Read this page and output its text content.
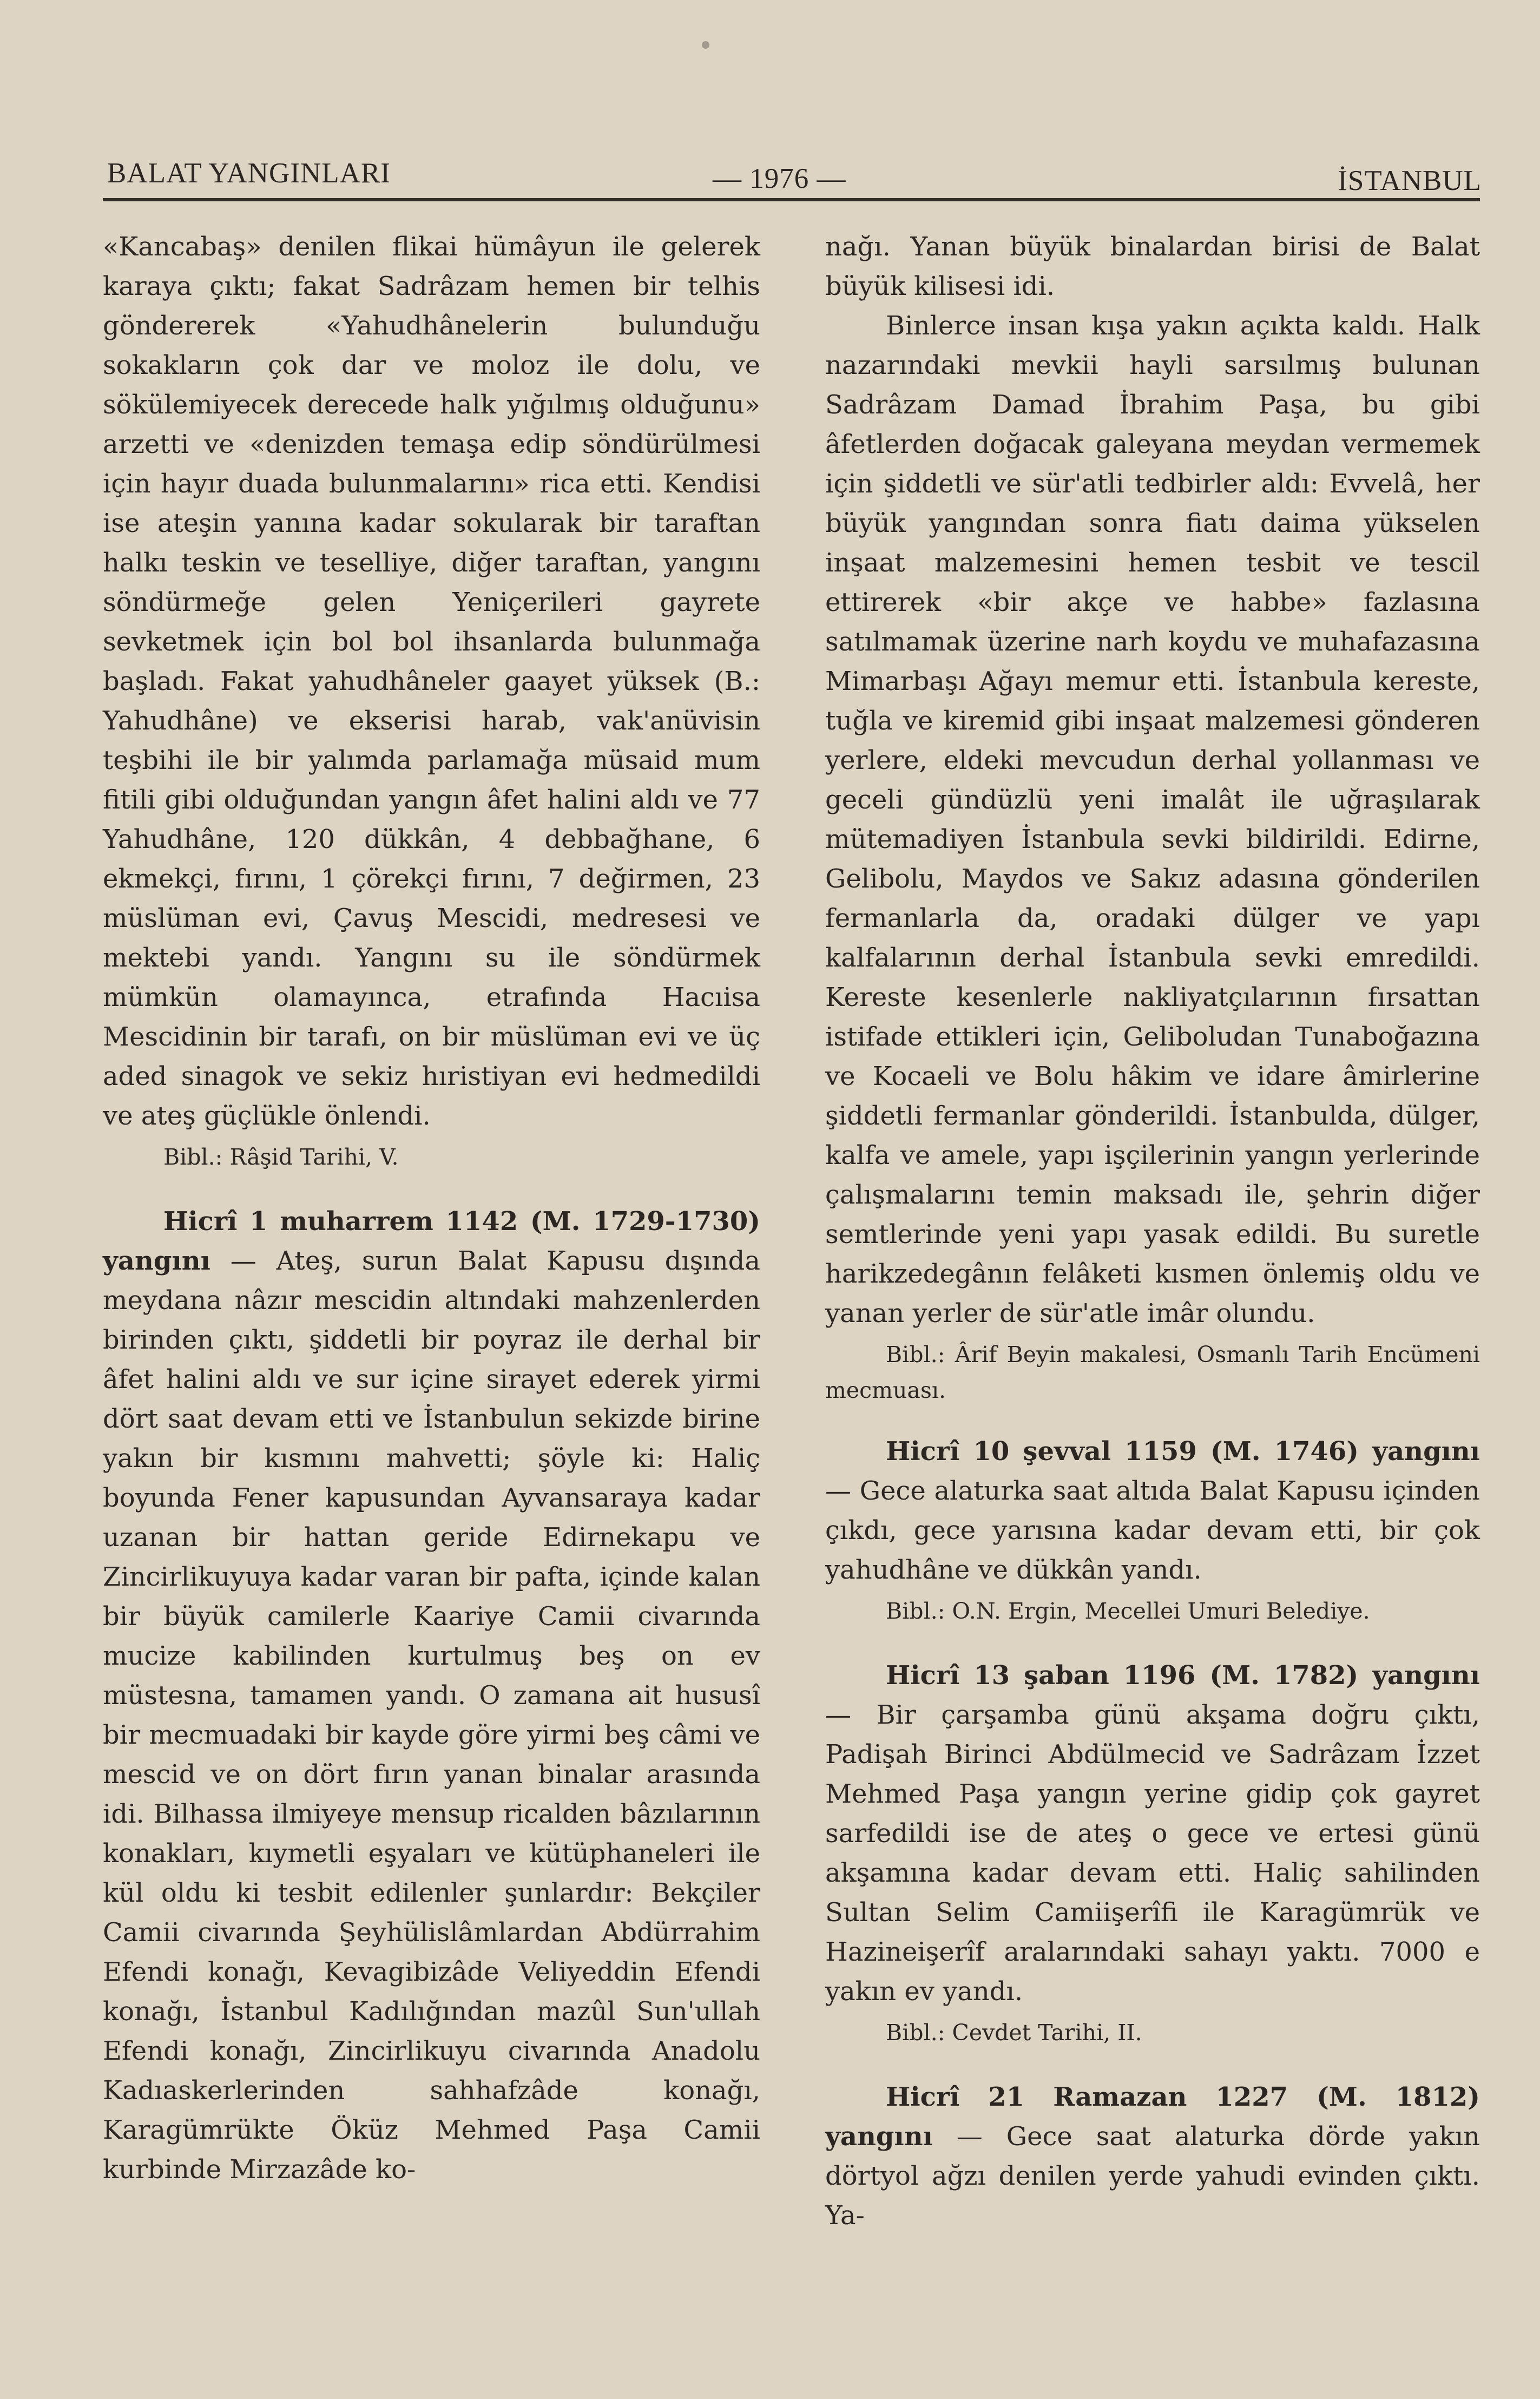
BALAT YANGINLARI	— 1976 —	İSTANBUL

«Kancabaş» denilen flikai hümâyun ile gelerek karaya çıktı; fakat Sadrâzam hemen bir telhis göndererek «Yahudhânelerin bulunduğu sokakların çok dar ve moloz ile dolu, ve sökülemiyecek derecede halk yığılmış olduğunu» arzetti ve «denizden temaşa edip söndürülmesi için hayır duada bulunmalarını» rica etti. Kendisi ise ateşin yanına kadar sokularak bir taraftan halkı teskin ve teselliye, diğer taraftan, yangını söndürmeğe gelen Yeniçerileri gayrete sevketmek için bol bol ihsanlarda bulunmağa başladı. Fakat yahudhâneler gaayet yüksek (B.: Yahudhâne) ve ekserisi harab, vak'anüvisin teşbihi ile bir yalımda parlamağa müsaid mum fitili gibi olduğundan yangın âfet halini aldı ve 77 Yahudhâne, 120 dükkân, 4 debbağhane, 6 ekmekçi, fırını, 1 çörekçi fırını, 7 değirmen, 23 müslüman evi, Çavuş Mescidi, medresesi ve mektebi yandı. Yangını su ile söndürmek mümkün olamayınca, etrafında Hacıisa Mescidinin bir tarafı, on bir müslüman evi ve üç aded sinagok ve sekiz hıristiyan evi hedmedildi ve ateş güçlükle önlendi.

Bibl.: Râşid Tarihi, V.

Hicrî 1 muharrem 1142 (M. 1729-1730) yangını — Ateş, surun Balat Kapusu dışında meydana nâzır mescidin altındaki mahzenlerden birinden çıktı, şiddetli bir poyraz ile derhal bir âfet halini aldı ve sur içine sirayet ederek yirmi dört saat devam etti ve İstanbulun sekizde birine yakın bir kısmını mahvetti; şöyle ki: Haliç boyunda Fener kapusundan Ayvansaraya kadar uzanan bir hattan geride Edirnekapu ve Zincirlikuyuya kadar varan bir pafta, içinde kalan bir büyük camilerle Kaariye Camii civarında mucize kabilinden kurtulmuş beş on ev müstesna, tamamen yandı. O zamana ait hususî bir mecmuadaki bir kayde göre yirmi beş câmi ve mescid ve on dört fırın yanan binalar arasında idi. Bilhassa ilmiyeye mensup ricalden bâzılarının konakları, kıymetli eşyaları ve kütüphaneleri ile kül oldu ki tesbit edilenler şunlardır: Bekçiler Camii civarında Şeyhülislâmlardan Abdürrahim Efendi konağı, Kevagibizâde Veliyeddin Efendi konağı, İstanbul Kadılığından mazûl Sun'ullah Efendi konağı, Zincirlikuyu civarında Anadolu Kadıaskerlerinden sahhafzâde konağı, Karagümrükte Öküz Mehmed Paşa Camii kurbinde Mirzazâde ko-

nağı. Yanan büyük binalardan birisi de Balat büyük kilisesi idi.

Binlerce insan kışa yakın açıkta kaldı. Halk nazarındaki mevkii hayli sarsılmış bulunan Sadrâzam Damad İbrahim Paşa, bu gibi âfetlerden doğacak galeyana meydan vermemek için şiddetli ve sür'atli tedbirler aldı: Evvelâ, her büyük yangından sonra fiatı daima yükselen inşaat malzemesini hemen tesbit ve tescil ettirerek «bir akçe ve habbe» fazlasına satılmamak üzerine narh koydu ve muhafazasına Mimarbaşı Ağayı memur etti. İstanbula kereste, tuğla ve kiremid gibi inşaat malzemesi gönderen yerlere, eldeki mevcudun derhal yollanması ve geceli gündüzlü yeni imalât ile uğraşılarak mütemadiyen İstanbula sevki bildirildi. Edirne, Gelibolu, Maydos ve Sakız adasına gönderilen fermanlarla da, oradaki dülger ve yapı kalfalarının derhal İstanbula sevki emredildi. Kereste kesenlerle nakliyatçılarının fırsattan istifade ettikleri için, Geliboludan Tunaboğazına ve Kocaeli ve Bolu hâkim ve idare âmirlerine şiddetli fermanlar gönderildi. İstanbulda, dülger, kalfa ve amele, yapı işçilerinin yangın yerlerinde çalışmalarını temin maksadı ile, şehrin diğer semtlerinde yeni yapı yasak edildi. Bu suretle harikzedegânın felâketi kısmen önlemiş oldu ve yanan yerler de sür'atle imâr olundu.

Bibl.: Ârif Beyin makalesi, Osmanlı Tarih Encümeni mecmuası.

Hicrî 10 şevval 1159 (M. 1746) yangını — Gece alaturka saat altıda Balat Kapusu içinden çıkdı, gece yarısına kadar devam etti, bir çok yahudhâne ve dükkân yandı.

Bibl.: O.N. Ergin, Mecellei Umuri Belediye.

Hicrî 13 şaban 1196 (M. 1782) yangını — Bir çarşamba günü akşama doğru çıktı, Padişah Birinci Abdülmecid ve Sadrâzam İzzet Mehmed Paşa yangın yerine gidip çok gayret sarfedildi ise de ateş o gece ve ertesi günü akşamına kadar devam etti. Haliç sahilinden Sultan Selim Camiişerîfi ile Karagümrük ve Hazineişerîf aralarındaki sahayı yaktı. 7000 e yakın ev yandı.

Bibl.: Cevdet Tarihi, II.

Hicrî 21 Ramazan 1227 (M. 1812) yangını — Gece saat alaturka dörde yakın dörtyol ağzı denilen yerde yahudi evinden çıktı. Ya-
